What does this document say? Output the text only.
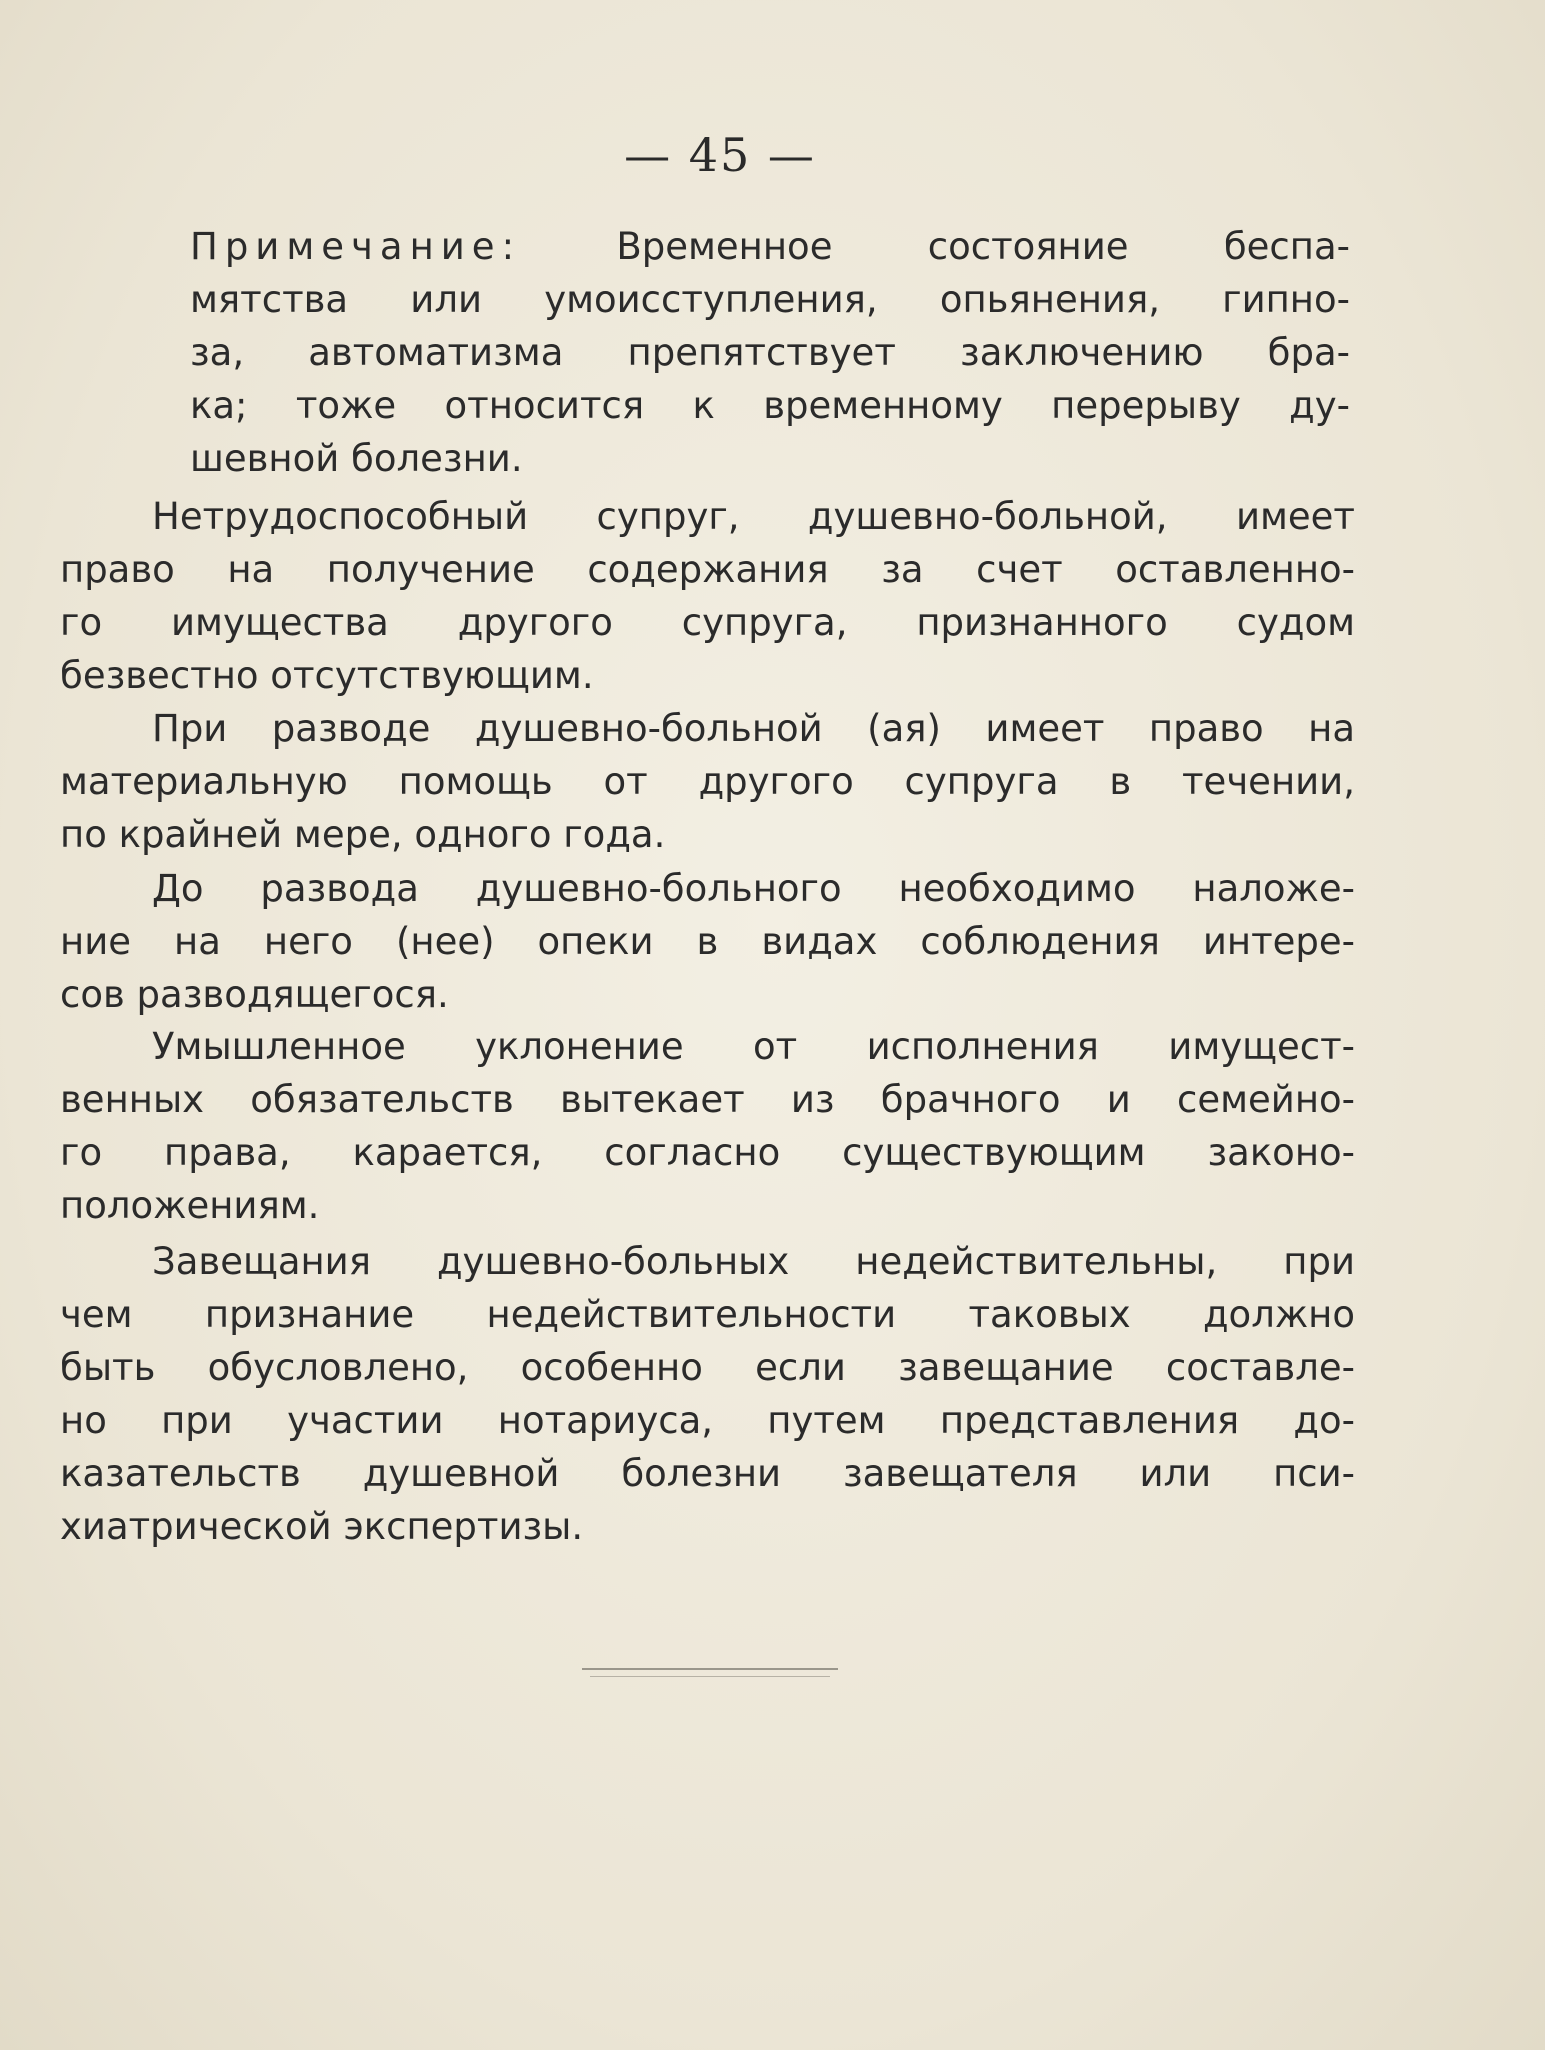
— 45 —
Примечание: Временное состояние беспа-
мятства или умоисступления, опьянения, гипно-
за, автоматизма препятствует заключению бра-
ка; тоже относится к временному перерыву ду-
шевной болезни.
Нетрудоспособный супруг, душевно-больной, имеет
право на получение содержания за счет оставленно-
го имущества другого супруга, признанного судом
безвестно отсутствующим.
При разводе душевно-больной (ая) имеет право на
материальную помощь от другого супруга в течении,
по крайней мере, одного года.
До развода душевно-больного необходимо наложе-
ние на него (нее) опеки в видах соблюдения интере-
сов разводящегося.
Умышленное уклонение от исполнения имущест-
венных обязательств вытекает из брачного и семейно-
го права, карается, согласно существующим законо-
положениям.
Завещания душевно-больных недействительны, при
чем признание недействительности таковых должно
быть обусловлено, особенно если завещание составле-
но при участии нотариуса, путем представления до-
казательств душевной болезни завещателя или пси-
хиатрической экспертизы.
